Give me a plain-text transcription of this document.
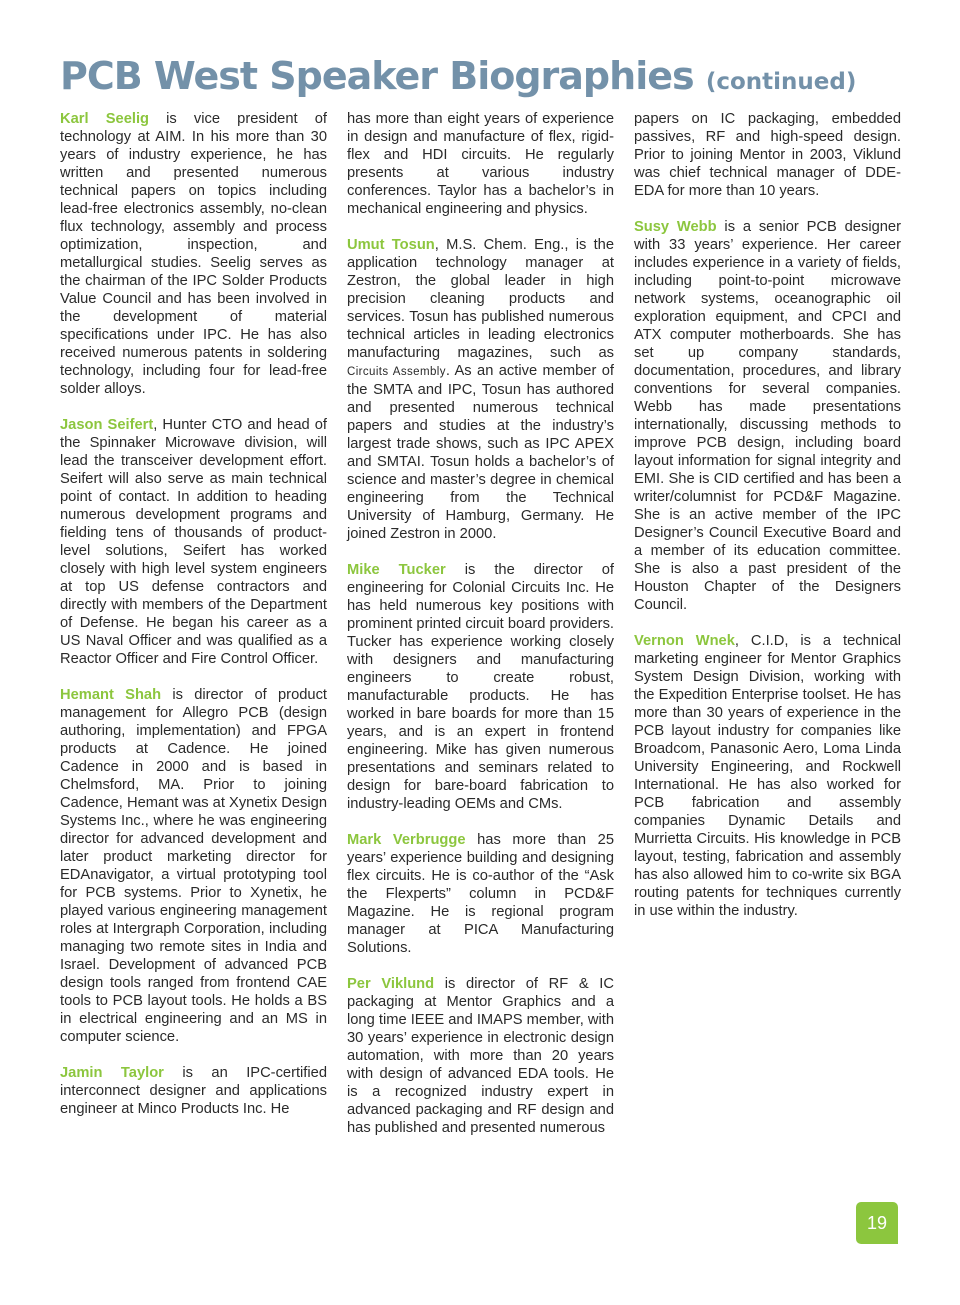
PCB West Speaker Biographies (continued)

Karl Seelig is vice president of technology at AIM. In his more than 30 years of industry experience, he has written and presented numerous technical papers on topics including lead-free electronics assembly, no-clean flux technology, assembly and process optimization, inspection, and metallurgical studies. Seelig serves as the chairman of the IPC Solder Products Value Council and has been involved in the development of material specifications under IPC. He has also received numerous patents in soldering technology, including four for lead-free solder alloys.

Jason Seifert, Hunter CTO and head of the Spinnaker Microwave division, will lead the transceiver development effort. Seifert will also serve as main technical point of contact. In addition to heading numerous development programs and fielding tens of thousands of product-level solutions, Seifert has worked closely with high level system engineers at top US defense contractors and directly with members of the Department of Defense. He began his career as a US Naval Officer and was qualified as a Reactor Officer and Fire Control Officer.

Hemant Shah is director of product management for Allegro PCB (design authoring, implementation) and FPGA products at Cadence. He joined Cadence in 2000 and is based in Chelmsford, MA. Prior to joining Cadence, Hemant was at Xynetix Design Systems Inc., where he was engineering director for advanced development and later product marketing director for EDAnavigator, a virtual prototyping tool for PCB systems. Prior to Xynetix, he played various engineering management roles at Intergraph Corporation, including managing two remote sites in India and Israel. Development of advanced PCB design tools ranged from frontend CAE tools to PCB layout tools. He holds a BS in electrical engineering and an MS in computer science.

Jamin Taylor is an IPC-certified interconnect designer and applications engineer at Minco Products Inc. He

has more than eight years of experience in design and manufacture of flex, rigid-flex and HDI circuits. He regularly presents at various industry conferences. Taylor has a bachelor’s in mechanical engineering and physics.

Umut Tosun, M.S. Chem. Eng., is the application technology manager at Zestron, the global leader in high precision cleaning products and services. Tosun has published numerous technical articles in leading electronics manufacturing magazines, such as Circuits Assembly. As an active member of the SMTA and IPC, Tosun has authored and presented numerous technical papers and studies at the industry’s largest trade shows, such as IPC APEX and SMTAI. Tosun holds a bachelor’s of science and master’s degree in chemical engineering from the Technical University of Hamburg, Germany. He joined Zestron in 2000.

Mike Tucker is the director of engineering for Colonial Circuits Inc. He has held numerous key positions with prominent printed circuit board providers. Tucker has experience working closely with designers and manufacturing engineers to create robust, manufacturable products. He has worked in bare boards for more than 15 years, and is an expert in frontend engineering. Mike has given numerous presentations and seminars related to design for bare-board fabrication to industry-leading OEMs and CMs.

Mark Verbrugge has more than 25 years’ experience building and designing flex circuits. He is co-author of the “Ask the Flexperts” column in PCD&F Magazine. He is regional program manager at PICA Manufacturing Solutions.

Per Viklund is director of RF & IC packaging at Mentor Graphics and a long time IEEE and IMAPS member, with 30 years’ experience in electronic design automation, with more than 20 years with design of advanced EDA tools. He is a recognized industry expert in advanced packaging and RF design and has published and presented numerous

papers on IC packaging, embedded passives, RF and high-speed design. Prior to joining Mentor in 2003, Viklund was chief technical manager of DDE-EDA for more than 10 years.

Susy Webb is a senior PCB designer with 33 years’ experience. Her career includes experience in a variety of fields, including point-to-point microwave network systems, oceanographic oil exploration equipment, and CPCI and ATX computer motherboards. She has set up company standards, documentation, procedures, and library conventions for several companies. Webb has made presentations internationally, discussing methods to improve PCB design, including board layout information for signal integrity and EMI. She is CID certified and has been a writer/columnist for PCD&F Magazine. She is an active member of the IPC Designer’s Council Executive Board and a member of its education committee. She is also a past president of the Houston Chapter of the Designers Council.

Vernon Wnek, C.I.D, is a technical marketing engineer for Mentor Graphics System Design Division, working with the Expedition Enterprise toolset. He has more than 30 years of experience in the PCB layout industry for companies like Broadcom, Panasonic Aero, Loma Linda University Engineering, and Rockwell International. He has also worked for PCB fabrication and assembly companies Dynamic Details and Murrietta Circuits. His knowledge in PCB layout, testing, fabrication and assembly has also allowed him to co-write six BGA routing patents for techniques currently in use within the industry.

19
